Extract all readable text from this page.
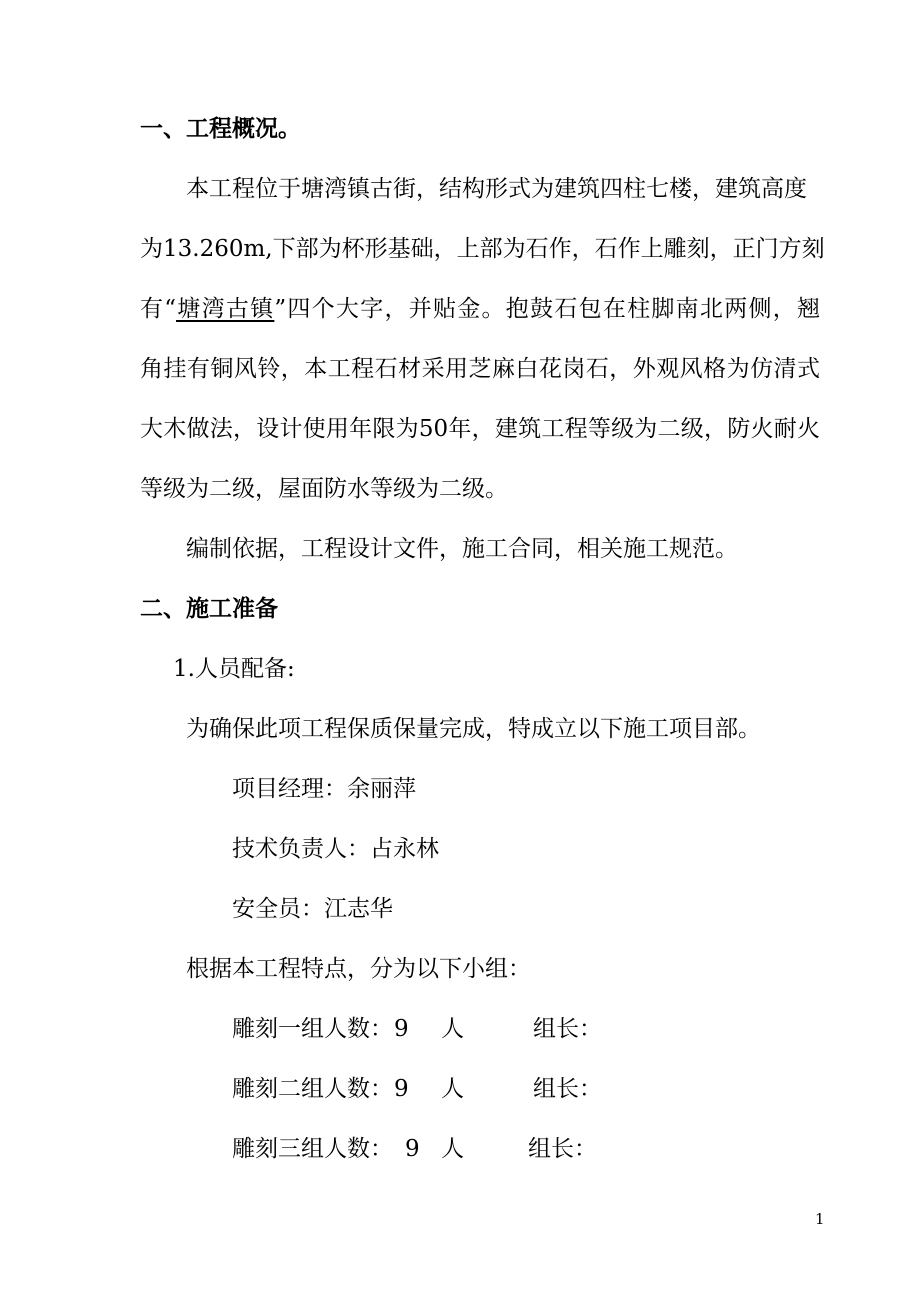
一、工程概况。
本工程位于塘湾镇古街，结构形式为建筑四柱七楼，建筑高度
为13.260m,下部为杯形基础，上部为石作，石作上雕刻，正门方刻
有“塘湾古镇”四个大字，并贴金。抱鼓石包在柱脚南北两侧，翘
角挂有铜风铃，本工程石材采用芝麻白花岗石，外观风格为仿清式
大木做法，设计使用年限为50年，建筑工程等级为二级，防火耐火
等级为二级，屋面防水等级为二级。
编制依据，工程设计文件，施工合同，相关施工规范。
二、施工准备
1.人员配备:
为确保此项工程保质保量完成，特成立以下施工项目部。
项目经理：余丽萍
技术负责人：占永林
安全员：江志华
根据本工程特点，分为以下小组：
雕刻一组人数： 9 人	组长：
雕刻二组人数： 9 人	组长：
雕刻三组人数： 9 人	组长：
1
